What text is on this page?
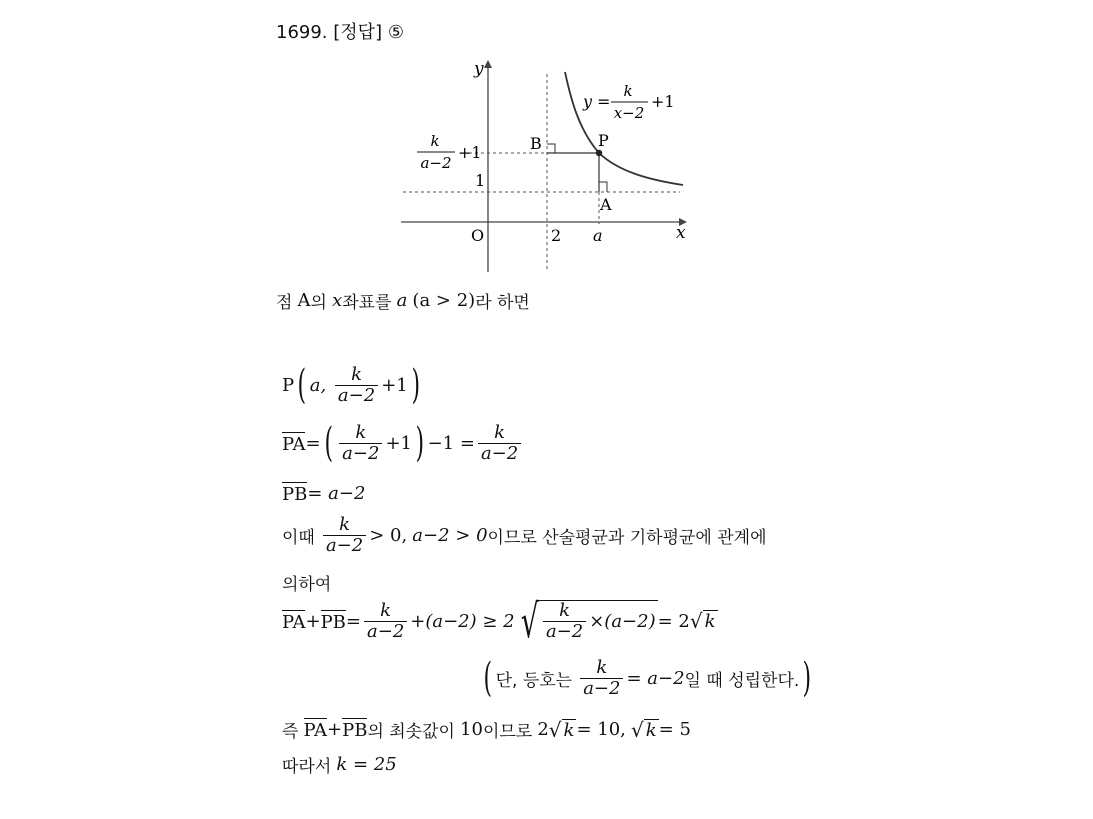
1699. [정답] ⑤
y
x
O	2 a
1
P
A
B
y =
k
x−2
+1
k
a−2
+1
점
A 의
x 좌표를
a
(a > 2) 라 하면
P ( a,
$\frac{k}{a-2} +1$ )
PA = ( $\frac{k}{a-2} +1$ ) $-1 = \frac{k}{a-2}$
PB = a−2
이때
$\frac{k}{a-2} > 0$,
a−2 > 0 이므로 산술평균과 기하평균에 관계에
의하여
PA + PB = $\frac{k}{a-2} +(a-2) \ge 2$ √ $\frac{k}{a-2} \times(a-2) = 2$ √ k
( 단, 등호는
$\frac{k}{a-2} = a-2$ 일 때 성립한다. )
즉
PA + PB 의 최솟값이
10 이므로
2 √ k = 10,
√ k = 5
따라서
k = 25
